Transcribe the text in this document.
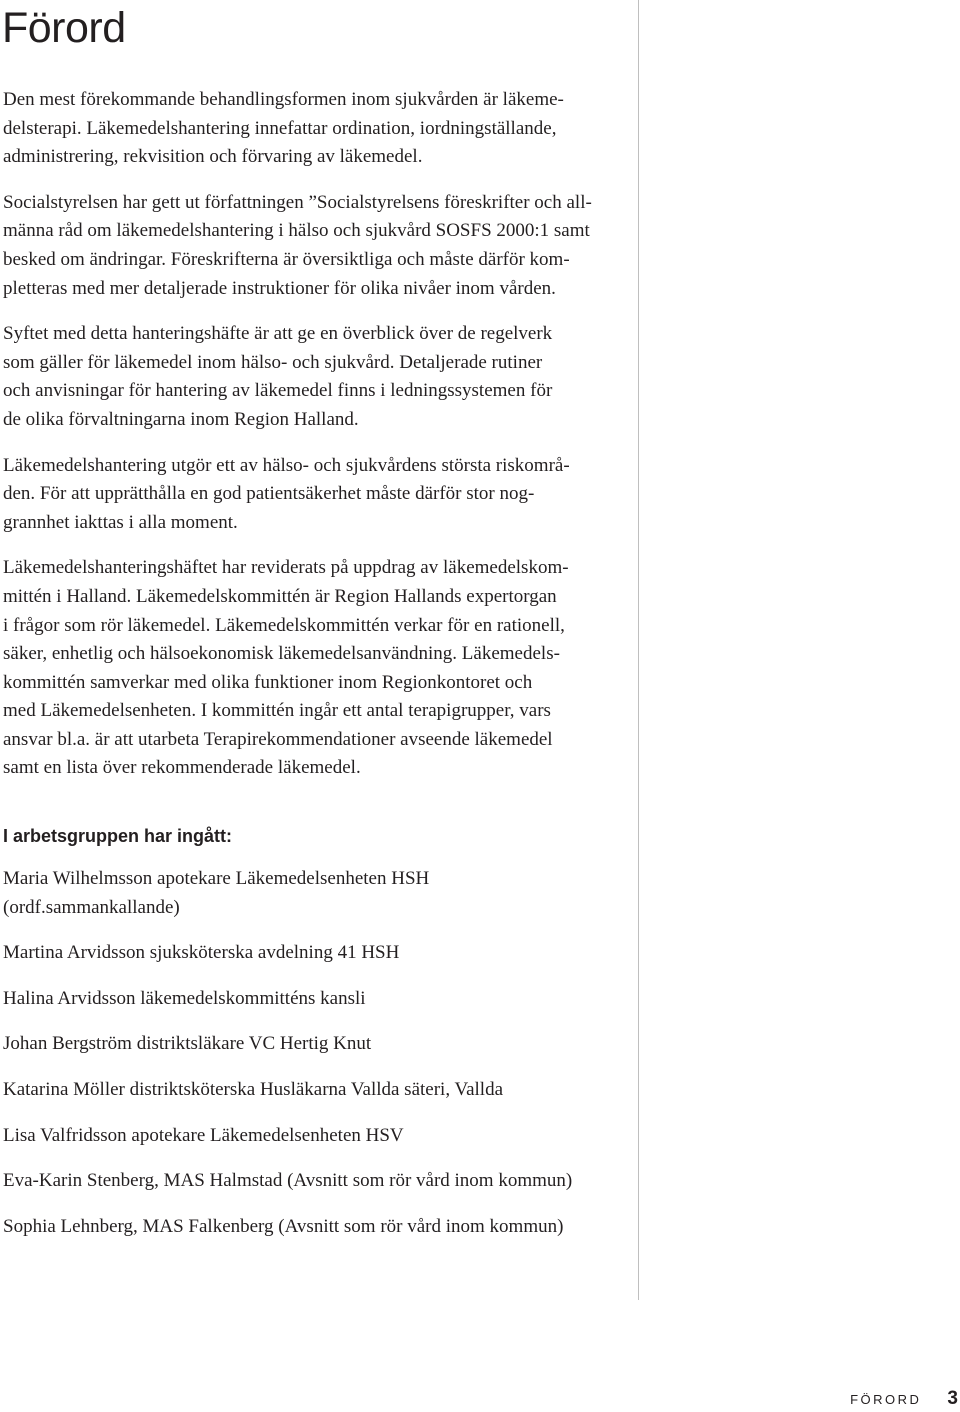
Förord

Den mest förekommande behandlingsformen inom sjukvården är läkeme-
delsterapi. Läkemedelshantering innefattar ordination, iordningställande,
administrering, rekvisition och förvaring av läkemedel.

Socialstyrelsen har gett ut författningen ”Socialstyrelsens föreskrifter och all-
männa råd om läkemedelshantering i hälso och sjukvård SOSFS 2000:1 samt
besked om ändringar. Föreskrifterna är översiktliga och måste därför kom-
pletteras med mer detaljerade instruktioner för olika nivåer inom vården.

Syftet med detta hanteringshäfte är att ge en överblick över de regelverk
som gäller för läkemedel inom hälso- och sjukvård. Detaljerade rutiner
och anvisningar för hantering av läkemedel finns i ledningssystemen för
de olika förvaltningarna inom Region Halland.

Läkemedelshantering utgör ett av hälso- och sjukvårdens största riskområ-
den. För att upprätthålla en god patientsäkerhet måste därför stor nog-
grannhet iakttas i alla moment.

Läkemedelshanteringshäftet har reviderats på uppdrag av läkemedelskom-
mittén i Halland. Läkemedelskommittén är Region Hallands expertorgan
i frågor som rör läkemedel. Läkemedelskommittén verkar för en rationell,
säker, enhetlig och hälsoekonomisk läkemedelsanvändning. Läkemedels-
kommittén samverkar med olika funktioner inom Regionkontoret och
med Läkemedelsenheten. I kommittén ingår ett antal terapigrupper, vars
ansvar bl.a. är att utarbeta Terapirekommendationer avseende läkemedel
samt en lista över rekommenderade läkemedel.

I arbetsgruppen har ingått:

Maria Wilhelmsson apotekare Läkemedelsenheten HSH
(ordf.sammankallande)

Martina Arvidsson sjuksköterska avdelning 41 HSH

Halina Arvidsson läkemedelskommitténs kansli

Johan Bergström distriktsläkare VC Hertig Knut

Katarina Möller distriktsköterska Husläkarna Vallda säteri, Vallda

Lisa Valfridsson apotekare Läkemedelsenheten HSV

Eva-Karin Stenberg, MAS Halmstad (Avsnitt som rör vård inom kommun)

Sophia Lehnberg, MAS Falkenberg (Avsnitt som rör vård inom kommun)

FÖRORD 3
